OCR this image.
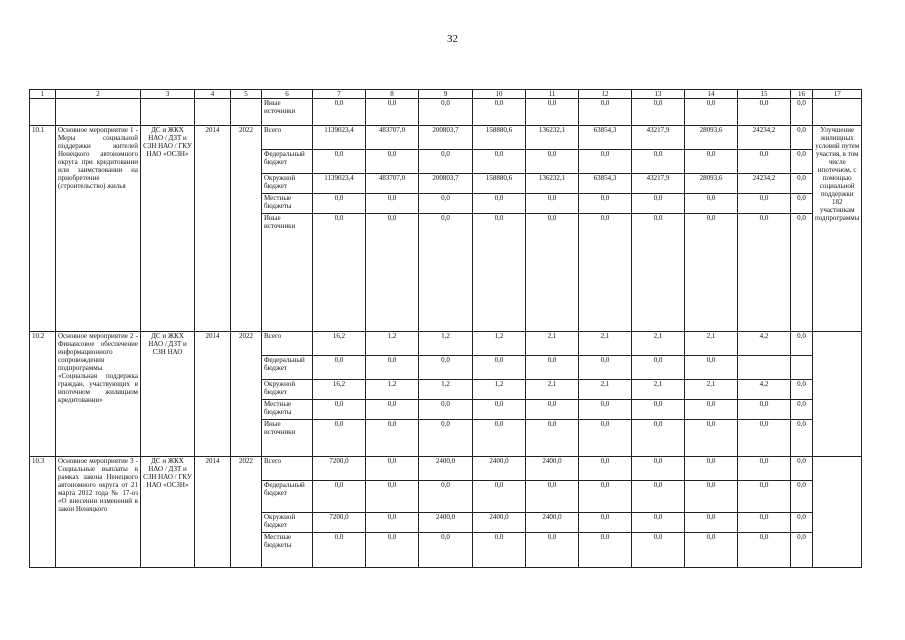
32
1	2	3	4	5	6	7	8	9	10	11	12	13	14	15	16	17
					Иные источники	0,0	0,0	0,0	0,0	0,0	0,0	0,0	0,0	0,0	0,0	
10.1	Основное мероприятие 1 - Меры социальной поддержки жителей Ненецкого автономного округа при кредитовании или заимствовании на приобретение (строительство) жилья	ДС и ЖКХ НАО / ДЗТ и СЗН НАО / ГКУ НАО «ОСЗН»	2014	2022	Всего	1139023,4	483707,0	200803,7	158880,6	136232,1	63854,3	43217,9	28093,6	24234,2	0,0	Улучшение жилищных условий путем участия, в том числе ипотечном, с помощью социальной поддержки 182 участникам подпрограммы
					Федеральный бюджет	0,0	0,0	0,0	0,0	0,0	0,0	0,0	0,0	0,0	0,0	
					Окружной бюджет	1139023,4	483707,0	200803,7	158880,6	136232,1	63854,3	43217,9	28093,6	24234,2	0,0	
					Местные бюджеты	0,0	0,0	0,0	0,0	0,0	0,0	0,0	0,0	0,0	0,0	
					Иные источники	0,0	0,0	0,0	0,0	0,0	0,0	0,0	0,0	0,0	0,0	
10.2	Основное мероприятие 2 - Финансовое обеспечение информационного сопровождения подпрограммы «Социальная поддержка граждан, участвующих в ипотечном жилищном кредитовании»	ДС и ЖКХ НАО / ДЗТ и СЗН НАО	2014	2022	Всего	16,2	1,2	1,2	1,2	2,1	2,1	2,1	2,1	4,2	0,0	
					Федеральный бюджет	0,0	0,0	0,0	0,0	0,0	0,0	0,0	0,0			
					Окружной бюджет	16,2	1,2	1,2	1,2	2,1	2,1	2,1	2,1	4,2	0,0	
					Местные бюджеты	0,0	0,0	0,0	0,0	0,0	0,0	0,0	0,0	0,0	0,0	
					Иные источники	0,0	0,0	0,0	0,0	0,0	0,0	0,0	0,0	0,0	0,0	
10.3	Основное мероприятие 3 - Социальные выплаты в рамках закона Ненецкого автономного округа от 21 марта 2012 года № 17-оз «О внесении изменений в закон Ненецкого	ДС и ЖКХ НАО / ДЗТ и СЗН НАО / ГКУ НАО «ОСЗН»	2014	2022	Всего	7200,0	0,0	2400,0	2400,0	2400,0	0,0	0,0	0,0	0,0	0,0	
					Федеральный бюджет	0,0	0,0	0,0	0,0	0,0	0,0	0,0	0,0	0,0	0,0	
					Окружной бюджет	7200,0	0,0	2400,0	2400,0	2400,0	0,0	0,0	0,0	0,0	0,0	
					Местные бюджеты	0,0	0,0	0,0	0,0	0,0	0,0	0,0	0,0	0,0	0,0	
